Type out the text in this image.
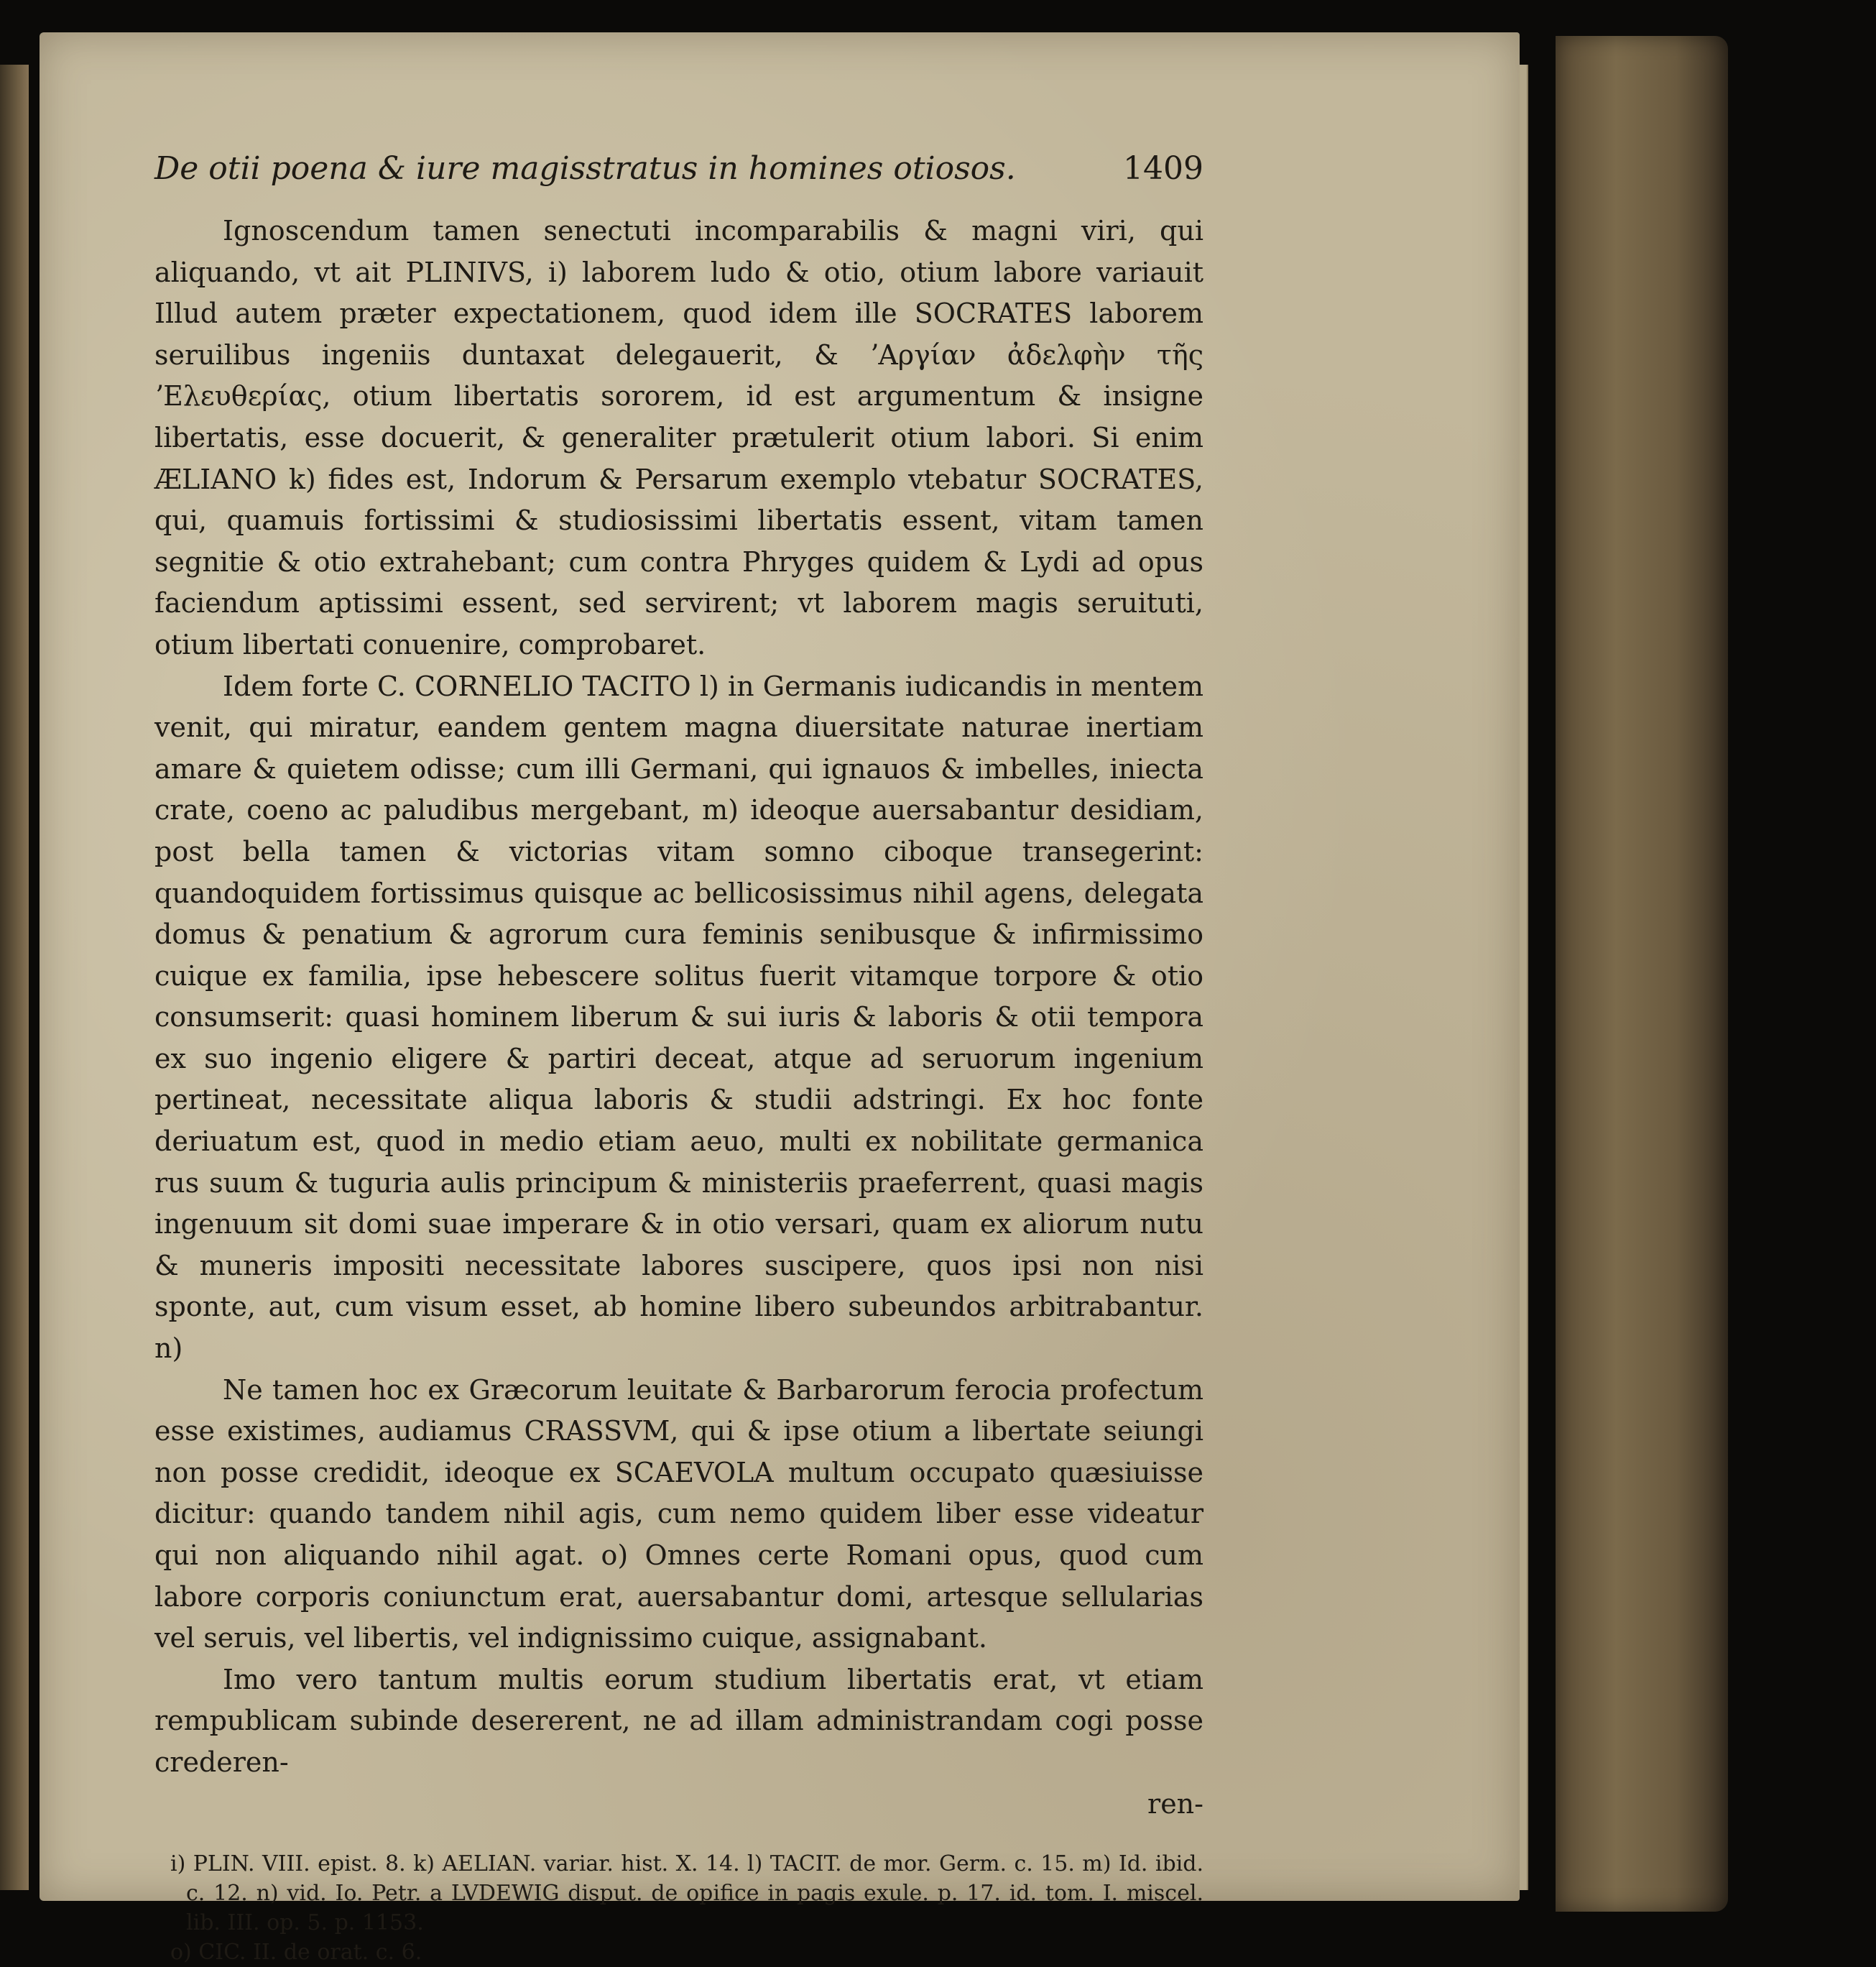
De otii poena & iure magisstratus in homines otiosos.	1409

Ignoscendum tamen senectuti incomparabilis & magni viri, qui aliquando, vt ait PLINIVS, i) laborem ludo & otio, otium labore variauit Illud autem præter expectationem, quod idem ille SOCRATES laborem seruilibus ingeniis duntaxat delegauerit, & ʼΑργίαν ἀδελφὴν τῆς ʼΕλευθερίας, otium libertatis sororem, id est argumentum & insigne libertatis, esse docuerit, & generaliter prætulerit otium labori. Si enim ÆLIANO k) fides est, Indorum & Persarum exemplo vtebatur SOCRATES, qui, quamuis fortissimi & studiosissimi libertatis essent, vitam tamen segnitie & otio extrahebant; cum contra Phryges quidem & Lydi ad opus faciendum aptissimi essent, sed servirent; vt laborem magis seruituti, otium libertati conuenire, comprobaret.

Idem forte C. CORNELIO TACITO l) in Germanis iudicandis in mentem venit, qui miratur, eandem gentem magna diuersitate naturae inertiam amare & quietem odisse; cum illi Germani, qui ignauos & imbelles, iniecta crate, coeno ac paludibus mergebant, m) ideoque auersabantur desidiam, post bella tamen & victorias vitam somno ciboque transegerint: quandoquidem fortissimus quisque ac bellicosissimus nihil agens, delegata domus & penatium & agrorum cura feminis senibusque & infirmissimo cuique ex familia, ipse hebescere solitus fuerit vitamque torpore & otio consumserit: quasi hominem liberum & sui iuris & laboris & otii tempora ex suo ingenio eligere & partiri deceat, atque ad seruorum ingenium pertineat, necessitate aliqua laboris & studii adstringi. Ex hoc fonte deriuatum est, quod in medio etiam aeuo, multi ex nobilitate germanica rus suum & tuguria aulis principum & ministeriis praeferrent, quasi magis ingenuum sit domi suae imperare & in otio versari, quam ex aliorum nutu & muneris impositi necessitate labores suscipere, quos ipsi non nisi sponte, aut, cum visum esset, ab homine libero subeundos arbitrabantur. n)

Ne tamen hoc ex Græcorum leuitate & Barbarorum ferocia profectum esse existimes, audiamus CRASSVM, qui & ipse otium a libertate seiungi non posse credidit, ideoque ex SCAEVOLA multum occupato quæsiuisse dicitur: quando tandem nihil agis, cum nemo quidem liber esse videatur qui non aliquando nihil agat. o) Omnes certe Romani opus, quod cum labore corporis coniunctum erat, auersabantur domi, artesque sellularias vel seruis, vel libertis, vel indignissimo cuique, assignabant.

Imo vero tantum multis eorum studium libertatis erat, vt etiam rempublicam subinde desererent, ne ad illam administrandam cogi posse crederen-

ren-

i) PLIN. VIII. epist. 8. k) AELIAN. variar. hist. X. 14. l) TACIT. de mor. Germ. c. 15. m) Id. ibid. c. 12. n) vid. Io. Petr. a LVDEWIG disput. de opifice in pagis exule. p. 17. id. tom. I. miscel. lib. III. op. 5. p. 1153.

o) CIC. II. de orat. c. 6.
